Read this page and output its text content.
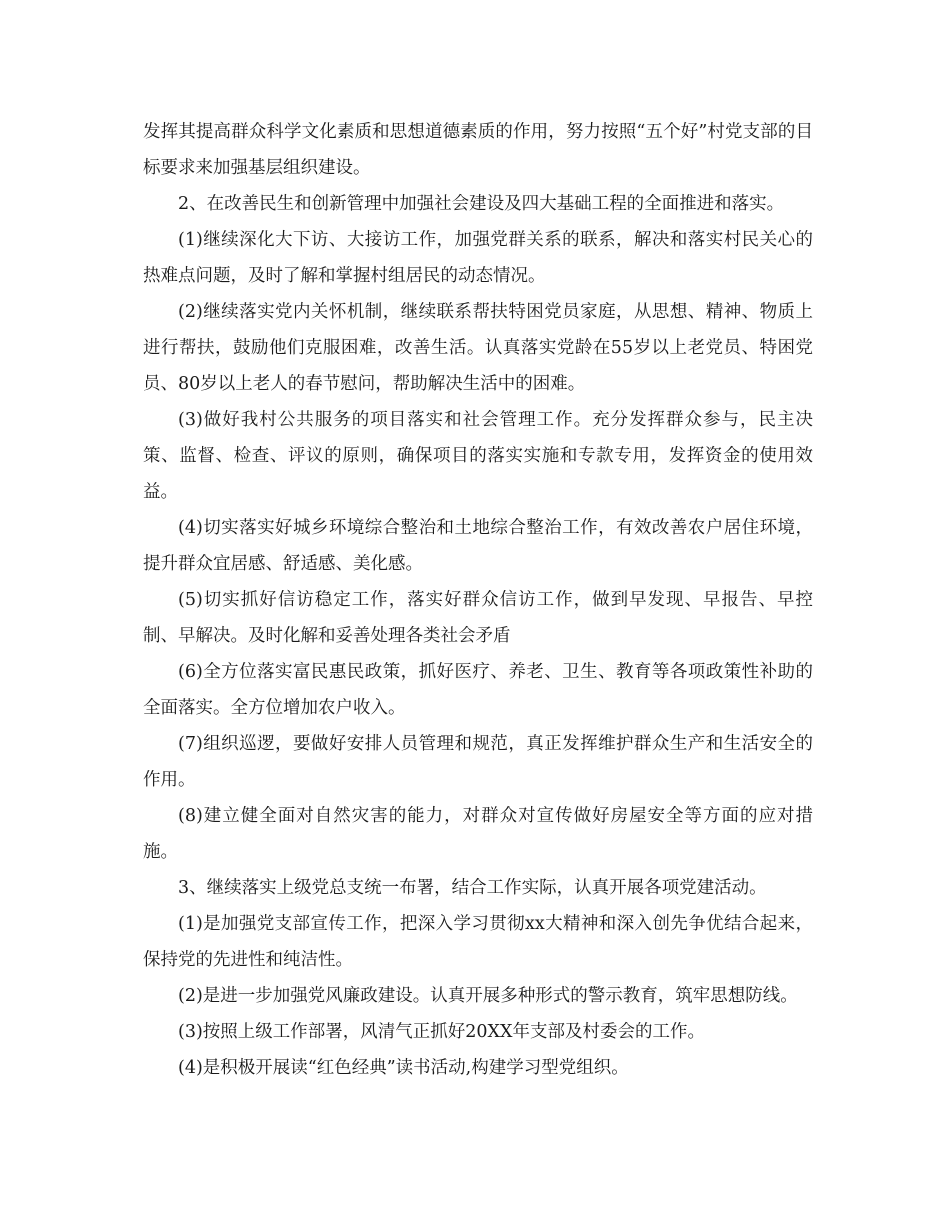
发挥其提高群众科学文化素质和思想道德素质的作用，努力按照“五个好”村党支部的目标要求来加强基层组织建设。

2、在改善民生和创新管理中加强社会建设及四大基础工程的全面推进和落实。

(1)继续深化大下访、大接访工作，加强党群关系的联系，解决和落实村民关心的热难点问题，及时了解和掌握村组居民的动态情况。

(2)继续落实党内关怀机制，继续联系帮扶特困党员家庭，从思想、精神、物质上进行帮扶，鼓励他们克服困难，改善生活。认真落实党龄在55岁以上老党员、特困党员、80岁以上老人的春节慰问，帮助解决生活中的困难。

(3)做好我村公共服务的项目落实和社会管理工作。充分发挥群众参与，民主决策、监督、检查、评议的原则，确保项目的落实实施和专款专用，发挥资金的使用效益。

(4)切实落实好城乡环境综合整治和土地综合整治工作，有效改善农户居住环境，提升群众宜居感、舒适感、美化感。

(5)切实抓好信访稳定工作，落实好群众信访工作，做到早发现、早报告、早控制、早解决。及时化解和妥善处理各类社会矛盾

(6)全方位落实富民惠民政策，抓好医疗、养老、卫生、教育等各项政策性补助的全面落实。全方位增加农户收入。

(7)组织巡逻，要做好安排人员管理和规范，真正发挥维护群众生产和生活安全的作用。

(8)建立健全面对自然灾害的能力，对群众对宣传做好房屋安全等方面的应对措施。

3、继续落实上级党总支统一布署，结合工作实际，认真开展各项党建活动。

(1)是加强党支部宣传工作，把深入学习贯彻xx大精神和深入创先争优结合起来，保持党的先进性和纯洁性。

(2)是进一步加强党风廉政建设。认真开展多种形式的警示教育，筑牢思想防线。

(3)按照上级工作部署，风清气正抓好20XX年支部及村委会的工作。

(4)是积极开展读“红色经典”读书活动,构建学习型党组织。
